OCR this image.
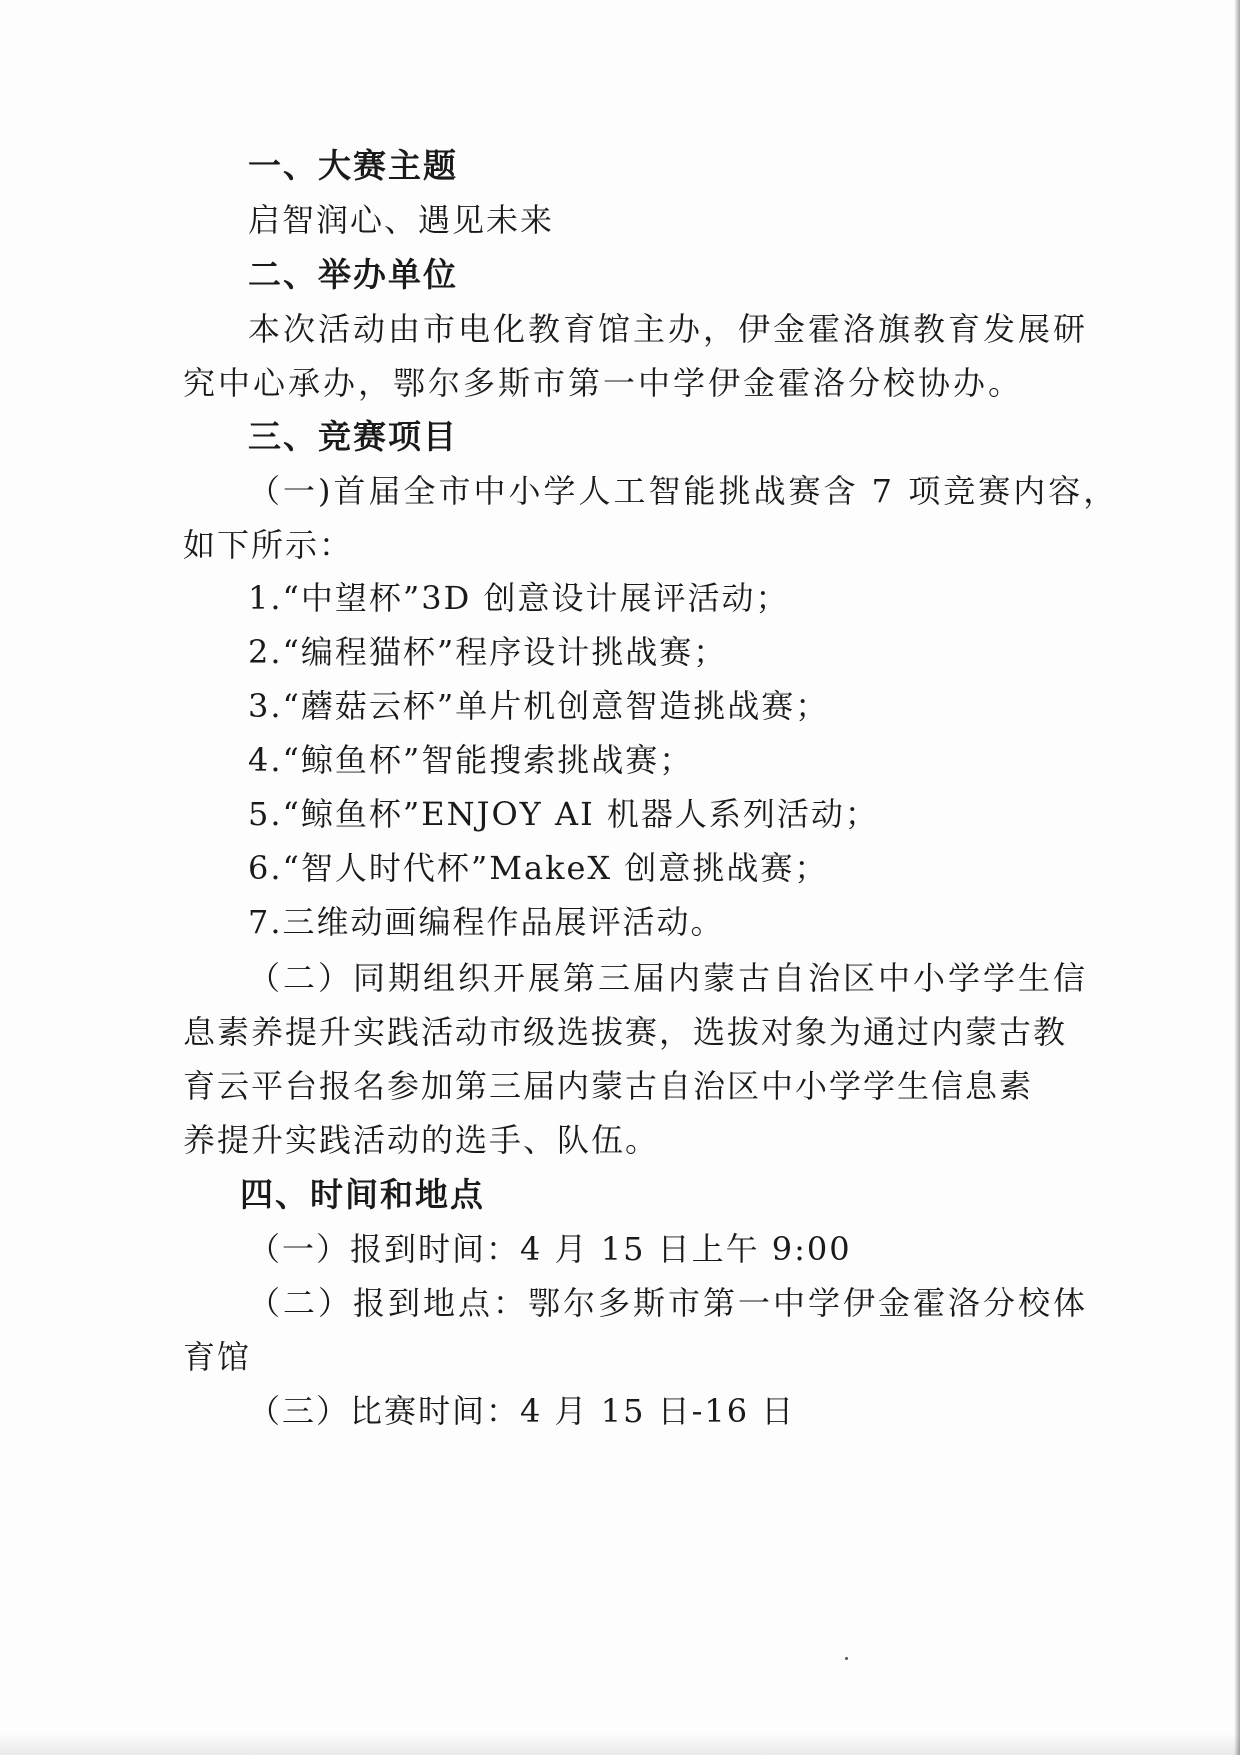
一、大赛主题
启智润心、遇见未来
二、举办单位
本次活动由市电化教育馆主办，伊金霍洛旗教育发展研
究中心承办，鄂尔多斯市第一中学伊金霍洛分校协办。
三、竞赛项目
（一)首届全市中小学人工智能挑战赛含 7 项竞赛内容，
如下所示：
1.“中望杯”3D 创意设计展评活动；
2.“编程猫杯”程序设计挑战赛；
3.“蘑菇云杯”单片机创意智造挑战赛；
4.“鲸鱼杯”智能搜索挑战赛；
5.“鲸鱼杯”ENJOY AI 机器人系列活动；
6.“智人时代杯”MakeX 创意挑战赛；
7.三维动画编程作品展评活动。
（二）同期组织开展第三届内蒙古自治区中小学学生信
息素养提升实践活动市级选拔赛，选拔对象为通过内蒙古教
育云平台报名参加第三届内蒙古自治区中小学学生信息素
养提升实践活动的选手、队伍。
四、时间和地点
（一）报到时间：4 月 15 日上午 9:00
（二）报到地点：鄂尔多斯市第一中学伊金霍洛分校体
育馆
（三）比赛时间：4 月 15 日-16 日
